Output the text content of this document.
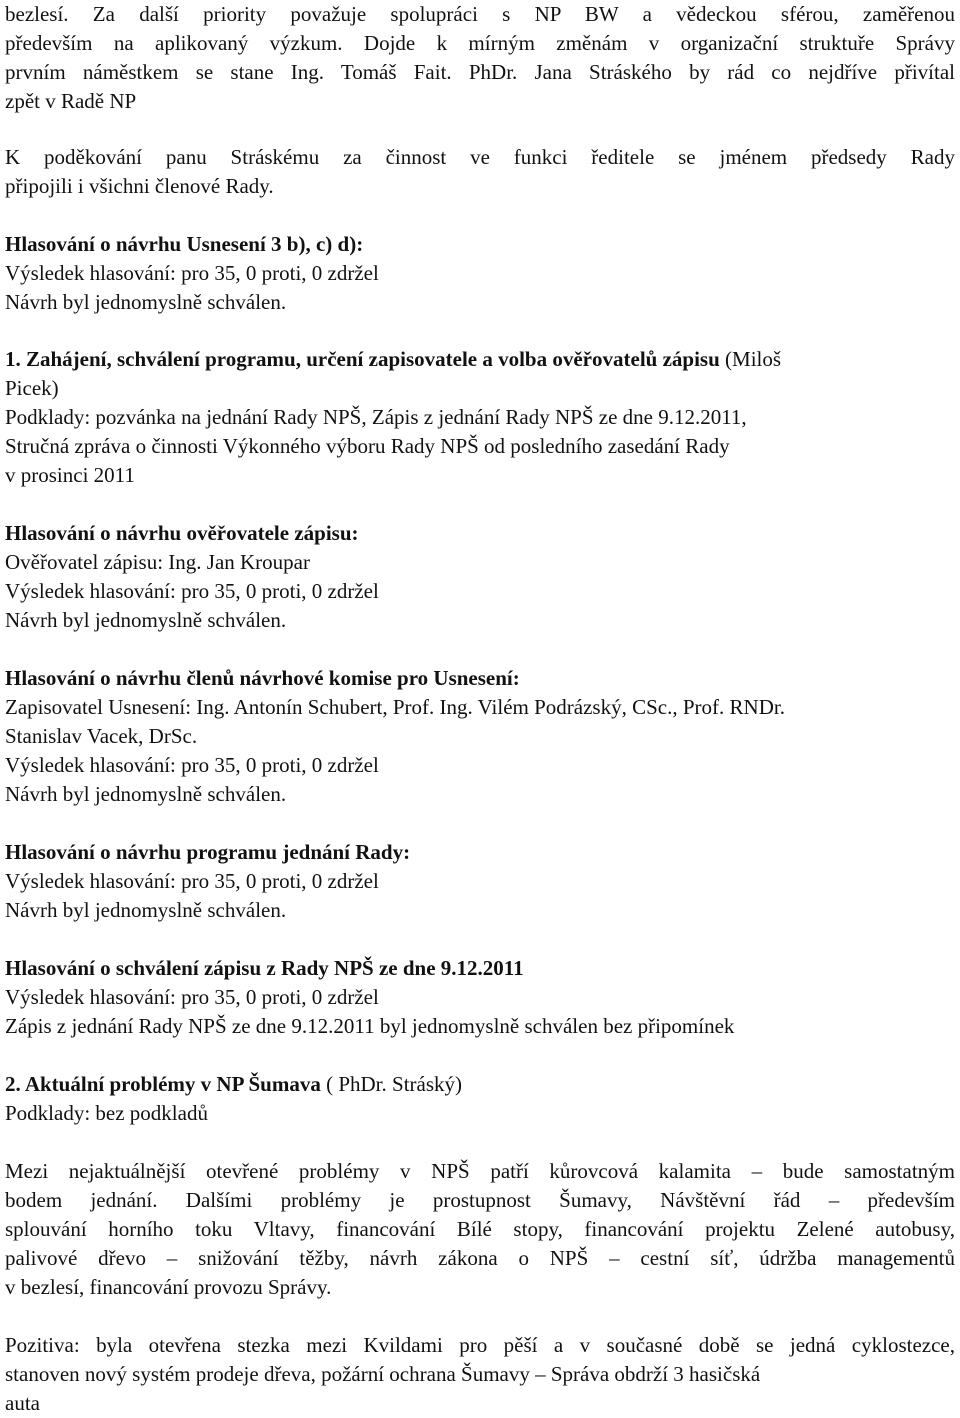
bezlesí. Za další priority považuje spolupráci s NP BW a vědeckou sférou, zaměřenou
především na aplikovaný výzkum. Dojde k mírným změnám v organizační struktuře Správy
prvním náměstkem se stane Ing. Tomáš Fait. PhDr. Jana Stráského by rád co nejdříve přivítal
zpět v Radě NP
K poděkování panu Stráskému za činnost ve funkci ředitele se jménem předsedy Rady
připojili i všichni členové Rady.
Hlasování o návrhu Usnesení 3 b), c) d):
Výsledek hlasování: pro 35, 0 proti, 0 zdržel
Návrh byl jednomyslně schválen.
1. Zahájení, schválení programu, určení zapisovatele a volba ověřovatelů zápisu (Miloš
Picek)
Podklady: pozvánka na jednání Rady NPŠ, Zápis z jednání Rady NPŠ ze dne 9.12.2011,
Stručná zpráva o činnosti Výkonného výboru Rady NPŠ od posledního zasedání Rady
v prosinci 2011
Hlasování o návrhu ověřovatele zápisu:
Ověřovatel zápisu: Ing. Jan Kroupar
Výsledek hlasování: pro 35, 0 proti, 0 zdržel
Návrh byl jednomyslně schválen.
Hlasování o návrhu členů návrhové komise pro Usnesení:
Zapisovatel Usnesení: Ing. Antonín Schubert, Prof. Ing. Vilém Podrázský, CSc., Prof. RNDr.
Stanislav Vacek, DrSc.
Výsledek hlasování: pro 35, 0 proti, 0 zdržel
Návrh byl jednomyslně schválen.
Hlasování o návrhu programu jednání Rady:
Výsledek hlasování: pro 35, 0 proti, 0 zdržel
Návrh byl jednomyslně schválen.
Hlasování o schválení zápisu z Rady NPŠ ze dne 9.12.2011
Výsledek hlasování: pro 35, 0 proti, 0 zdržel
Zápis z jednání Rady NPŠ ze dne 9.12.2011 byl jednomyslně schválen bez připomínek
2. Aktuální problémy v NP Šumava ( PhDr. Stráský)
Podklady: bez podkladů
Mezi nejaktuálnější otevřené problémy v NPŠ patří kůrovcová kalamita – bude samostatným
bodem jednání. Dalšími problémy je prostupnost Šumavy, Návštěvní řád – především
splouvání horního toku Vltavy, financování Bílé stopy, financování projektu Zelené autobusy,
palivové dřevo – snižování těžby, návrh zákona o NPŠ – cestní síť, údržba managementů
v bezlesí, financování provozu Správy.
Pozitiva: byla otevřena stezka mezi Kvildami pro pěší a v současné době se jedná cyklostezce,
stanoven nový systém prodeje dřeva, požární ochrana Šumavy – Správa obdrží 3 hasičská
auta
